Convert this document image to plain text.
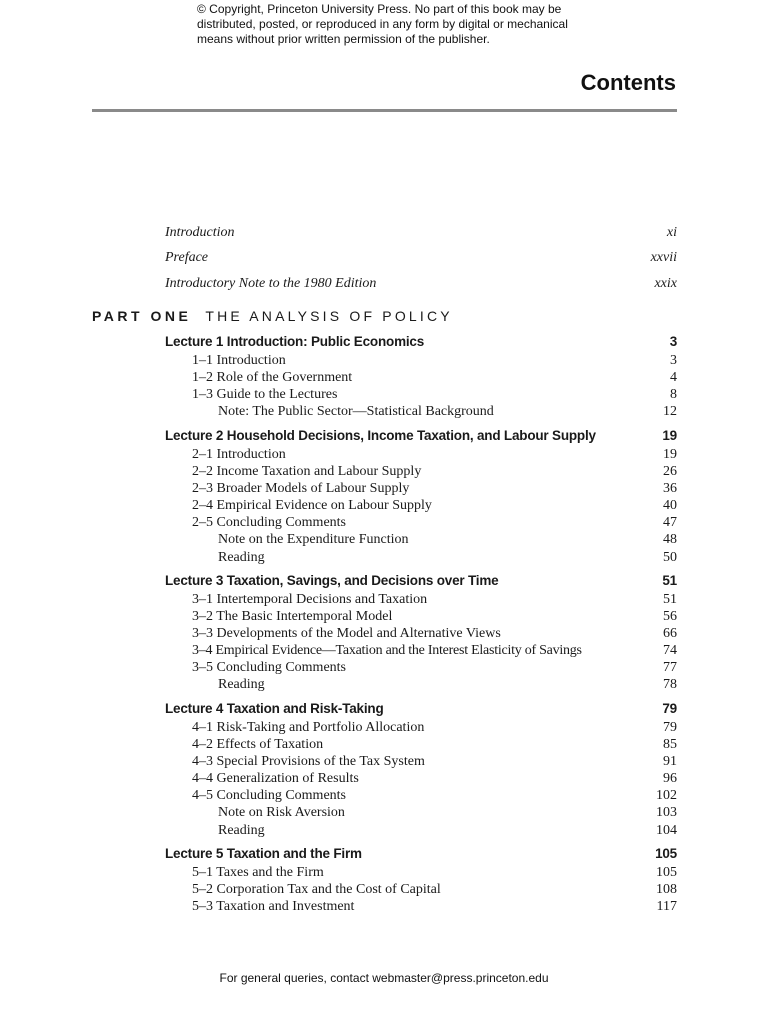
© Copyright, Princeton University Press. No part of this book may be
distributed, posted, or reproduced in any form by digital or mechanical
means without prior written permission of the publisher.
Contents
Introduction	xi
Preface	xxvii
Introductory Note to the 1980 Edition	xxix
PART ONE THE ANALYSIS OF POLICY
Lecture 1 Introduction: Public Economics	3
1–1 Introduction	3
1–2 Role of the Government	4
1–3 Guide to the Lectures	8
Note: The Public Sector—Statistical Background	12
Lecture 2 Household Decisions, Income Taxation, and Labour Supply	19
2–1 Introduction	19
2–2 Income Taxation and Labour Supply	26
2–3 Broader Models of Labour Supply	36
2–4 Empirical Evidence on Labour Supply	40
2–5 Concluding Comments	47
Note on the Expenditure Function	48
Reading	50
Lecture 3 Taxation, Savings, and Decisions over Time	51
3–1 Intertemporal Decisions and Taxation	51
3–2 The Basic Intertemporal Model	56
3–3 Developments of the Model and Alternative Views	66
3–4 Empirical Evidence—Taxation and the Interest Elasticity of Savings	74
3–5 Concluding Comments	77
Reading	78
Lecture 4 Taxation and Risk-Taking	79
4–1 Risk-Taking and Portfolio Allocation	79
4–2 Effects of Taxation	85
4–3 Special Provisions of the Tax System	91
4–4 Generalization of Results	96
4–5 Concluding Comments	102
Note on Risk Aversion	103
Reading	104
Lecture 5 Taxation and the Firm	105
5–1 Taxes and the Firm	105
5–2 Corporation Tax and the Cost of Capital	108
5–3 Taxation and Investment	117
For general queries, contact webmaster@press.princeton.edu
